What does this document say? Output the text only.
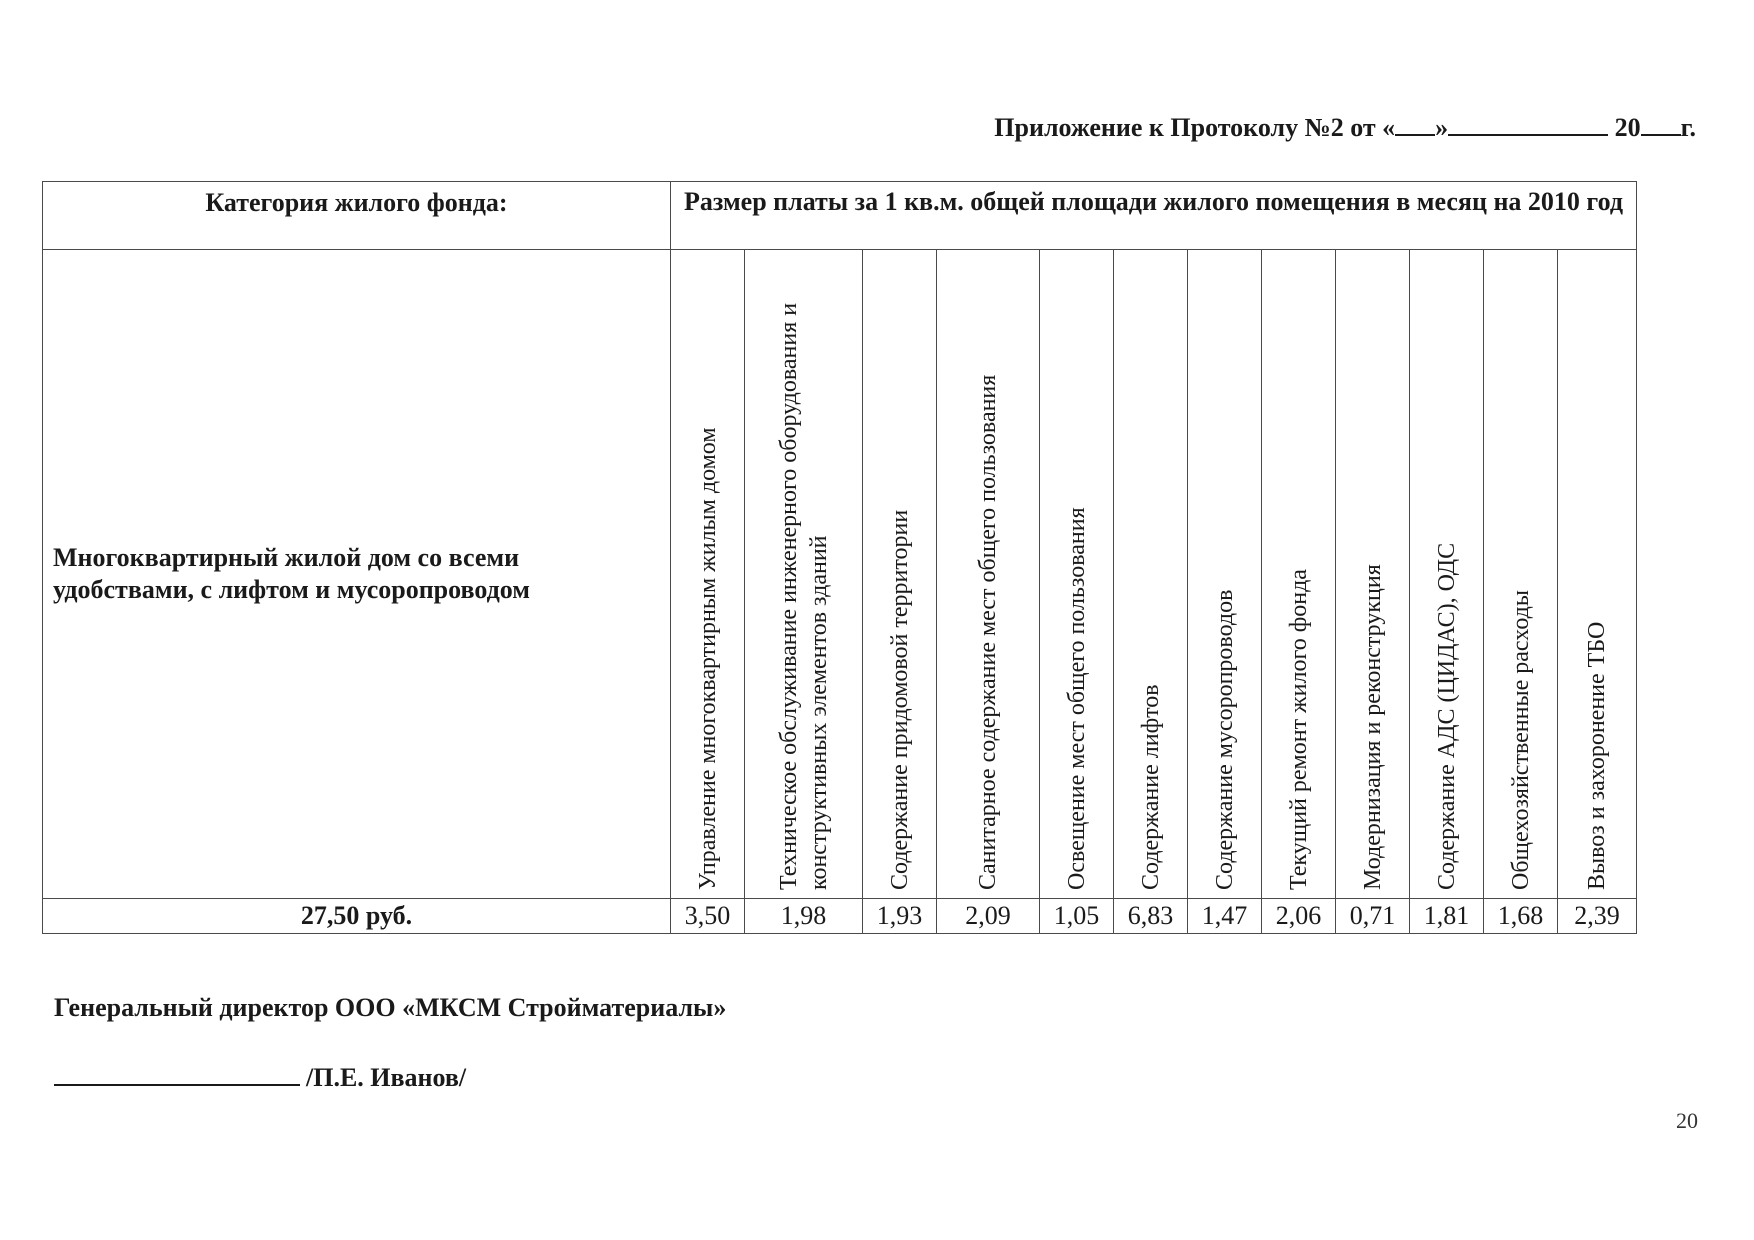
Приложение к Протоколу №2 от « »	20 г.
Категория жилого фонда:	Размер платы за 1 кв.м. общей площади жилого помещения в месяц на 2010 год											
Многоквартирный жилой дом со всеми удобствами, с лифтом и мусоропроводом	Управление многоквартирным жилым домом	Техническое обслуживание инженерного оборудования и конструктивных элементов зданий	Содержание придомовой территории	Санитарное содержание мест общего пользования	Освещение мест общего пользования	Содержание лифтов	Содержание мусоропроводов	Текущий ремонт жилого фонда	Модернизация и реконструкция	Содержание АДС (ЦИДАС), ОДС	Общехозяйственные расходы	Вывоз и захоронение ТБО

27,50 руб.	3,50	1,98	1,93	2,09	1,05	6,83	1,47	2,06	0,71	1,81	1,68	2,39
Генеральный директор ООО «МКСМ Стройматериалы»
/П.Е. Иванов/
20
